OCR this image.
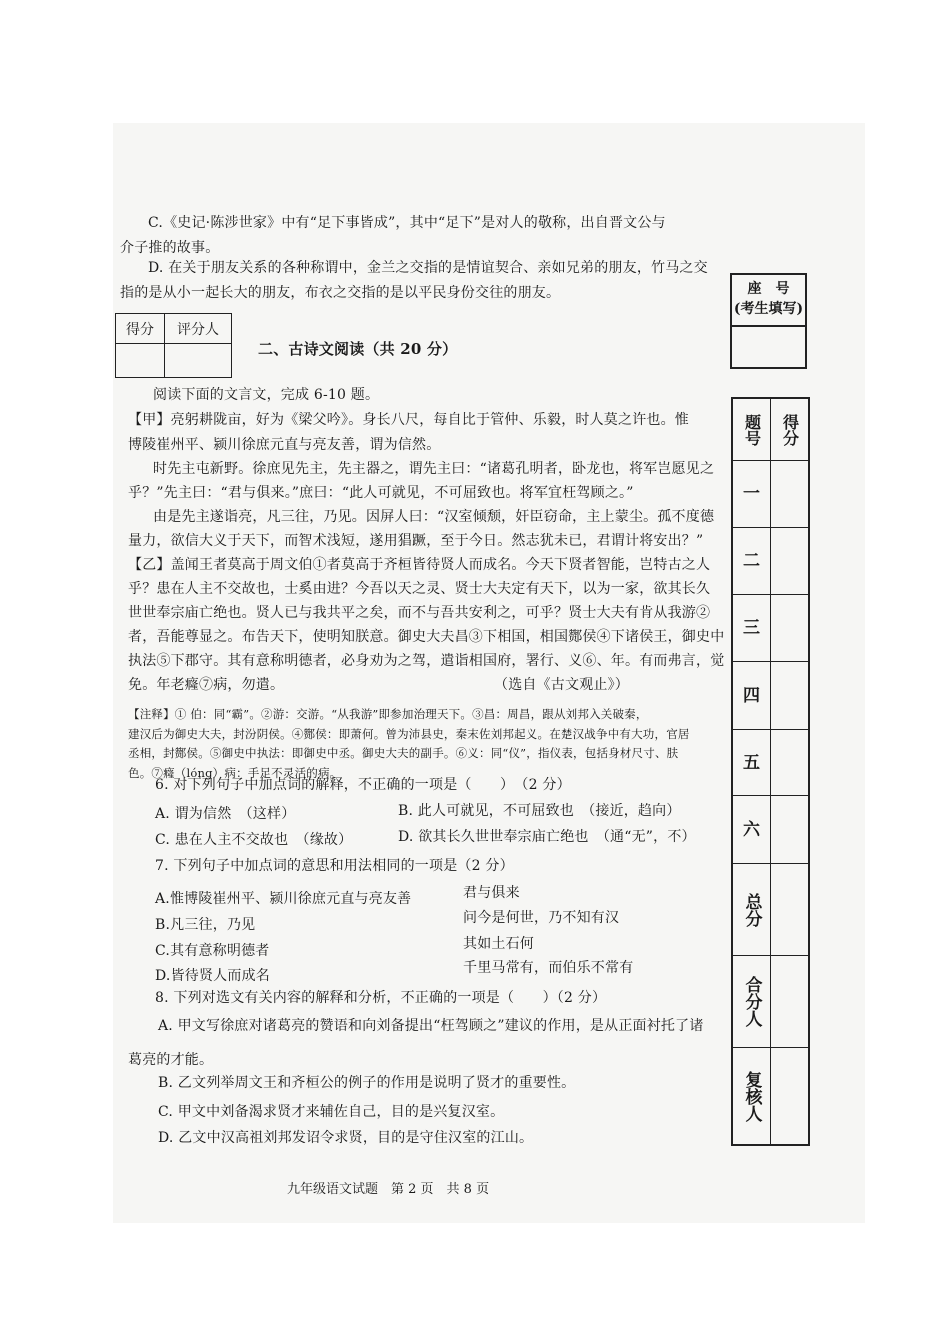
C.《史记·陈涉世家》中有“足下事皆成”，其中“足下”是对人的敬称，出自晋文公与
介子推的故事。
D. 在关于朋友关系的各种称谓中，金兰之交指的是情谊契合、亲如兄弟的朋友，竹马之交
指的是从小一起长大的朋友，布衣之交指的是以平民身份交往的朋友。
得分	评分人

二、古诗文阅读（共 20 分）
阅读下面的文言文，完成 6-10 题。
【甲】亮躬耕陇亩，好为《梁父吟》。身长八尺，每自比于管仲、乐毅，时人莫之许也。惟
博陵崔州平、颍川徐庶元直与亮友善，谓为信然。
时先主屯新野。徐庶见先主，先主器之，谓先主曰：“诸葛孔明者，卧龙也，将军岂愿见之
乎？”先主曰：“君与俱来。”庶曰：“此人可就见，不可屈致也。将军宜枉驾顾之。”
由是先主遂诣亮，凡三往，乃见。因屏人曰：“汉室倾颓，奸臣窃命，主上蒙尘。孤不度德
量力，欲信大义于天下，而智术浅短，遂用猖蹶，至于今日。然志犹未已，君谓计将安出？”
【乙】盖闻王者莫高于周文伯①者莫高于齐桓皆待贤人而成名。今天下贤者智能，岂特古之人
乎？患在人主不交故也，士奚由进？今吾以天之灵、贤士大夫定有天下，以为一家，欲其长久
世世奉宗庙亡绝也。贤人已与我共平之矣，而不与吾共安利之，可乎？贤士大夫有肯从我游②
者，吾能尊显之。布告天下，使明知朕意。御史大夫昌③下相国，相国酂侯④下诸侯王，御史中
执法⑤下郡守。其有意称明德者，必身劝为之驾，遣诣相国府，署行、义⑥、年。有而弗言，觉
免。年老癃⑦病，勿遣。	（选自《古文观止》）
【注释】① 伯：同“霸”。②游：交游。“从我游”即参加治理天下。③昌：周昌，跟从刘邦入关破秦，
建汉后为御史大夫，封汾阴侯。④酂侯：即萧何。曾为沛县史，秦末佐刘邦起义。在楚汉战争中有大功，官居
丞相，封酂侯。⑤御史中执法：即御史中丞。御史大夫的副手。⑥义：同“仪”，指仪表，包括身材尺寸、肤
色。⑦癃（lóng）病：手足不灵活的病。
6. 对下列句子中加点词的解释，不正确的一项是（　　）　（2 分）
A. 谓为信然　（这样）	B. 此人可就见，不可屈致也　（接近，趋向）
C. 患在人主不交故也　（缘故）	D. 欲其长久世世奉宗庙亡绝也　（通“无”，不）
7. 下列句子中加点词的意思和用法相同的一项是（2 分）
A.惟博陵崔州平、颍川徐庶元直与亮友善	君与俱来
B.凡三往，乃见	问今是何世，乃不知有汉
C.其有意称明德者	其如土石何
D.皆待贤人而成名	千里马常有，而伯乐不常有
8. 下列对选文有关内容的解释和分析，不正确的一项是（　　）（2 分）
A. 甲文写徐庶对诸葛亮的赞语和向刘备提出“枉驾顾之”建议的作用，是从正面衬托了诸
葛亮的才能。
B. 乙文列举周文王和齐桓公的例子的作用是说明了贤才的重要性。
C. 甲文中刘备渴求贤才来辅佐自己，目的是兴复汉室。
D. 乙文中汉高祖刘邦发诏令求贤，目的是守住汉室的江山。
九年级语文试题　第 2 页　共 8 页
座　号
(考生填写)
题号	得分
一
二
三
四
五
六
总分
合分人
复核人
